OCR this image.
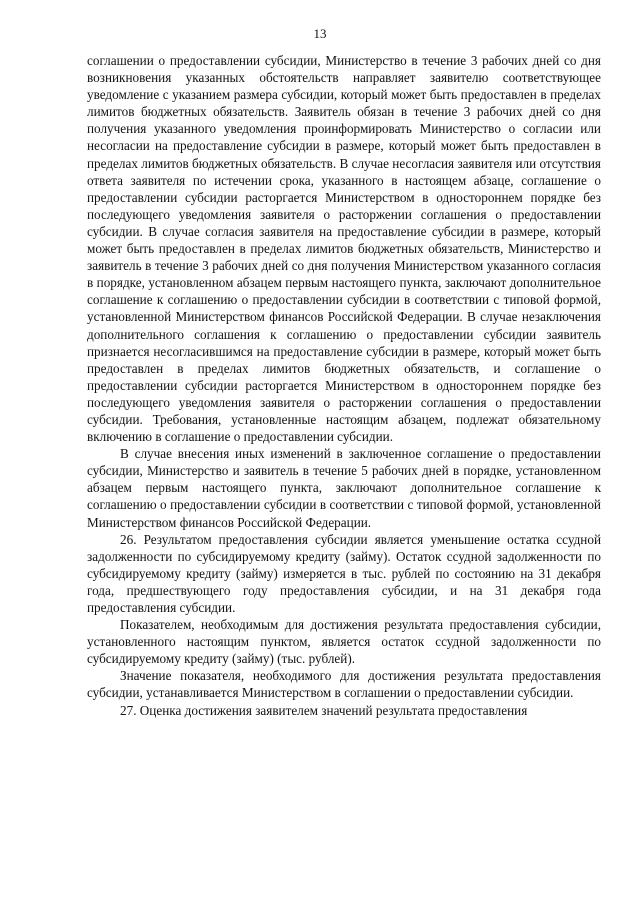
13

соглашении о предоставлении субсидии, Министерство в течение 3 рабочих дней со дня возникновения указанных обстоятельств направляет заявителю соответствующее уведомление с указанием размера субсидии, который может быть предоставлен в пределах лимитов бюджетных обязательств. Заявитель обязан в течение 3 рабочих дней со дня получения указанного уведомления проинформировать Министерство о согласии или несогласии на предоставление субсидии в размере, который может быть предоставлен в пределах лимитов бюджетных обязательств. В случае несогласия заявителя или отсутствия ответа заявителя по истечении срока, указанного в настоящем абзаце, соглашение о предоставлении субсидии расторгается Министерством в одностороннем порядке без последующего уведомления заявителя о расторжении соглашения о предоставлении субсидии. В случае согласия заявителя на предоставление субсидии в размере, который может быть предоставлен в пределах лимитов бюджетных обязательств, Министерство и заявитель в течение 3 рабочих дней со дня получения Министерством указанного согласия в порядке, установленном абзацем первым настоящего пункта, заключают дополнительное соглашение к соглашению о предоставлении субсидии в соответствии с типовой формой, установленной Министерством финансов Российской Федерации. В случае незаключения дополнительного соглашения к соглашению о предоставлении субсидии заявитель признается несогласившимся на предоставление субсидии в размере, который может быть предоставлен в пределах лимитов бюджетных обязательств, и соглашение о предоставлении субсидии расторгается Министерством в одностороннем порядке без последующего уведомления заявителя о расторжении соглашения о предоставлении субсидии. Требования, установленные настоящим абзацем, подлежат обязательному включению в соглашение о предоставлении субсидии.

В случае внесения иных изменений в заключенное соглашение о предоставлении субсидии, Министерство и заявитель в течение 5 рабочих дней в порядке, установленном абзацем первым настоящего пункта, заключают дополнительное соглашение к соглашению о предоставлении субсидии в соответствии с типовой формой, установленной Министерством финансов Российской Федерации.

26. Результатом предоставления субсидии является уменьшение остатка ссудной задолженности по субсидируемому кредиту (займу). Остаток ссудной задолженности по субсидируемому кредиту (займу) измеряется в тыс. рублей по состоянию на 31 декабря года, предшествующего году предоставления субсидии, и на 31 декабря года предоставления субсидии.

Показателем, необходимым для достижения результата предоставления субсидии, установленного настоящим пунктом, является остаток ссудной задолженности по субсидируемому кредиту (займу) (тыс. рублей).

Значение показателя, необходимого для достижения результата предоставления субсидии, устанавливается Министерством в соглашении о предоставлении субсидии.

27. Оценка достижения заявителем значений результата предоставления
